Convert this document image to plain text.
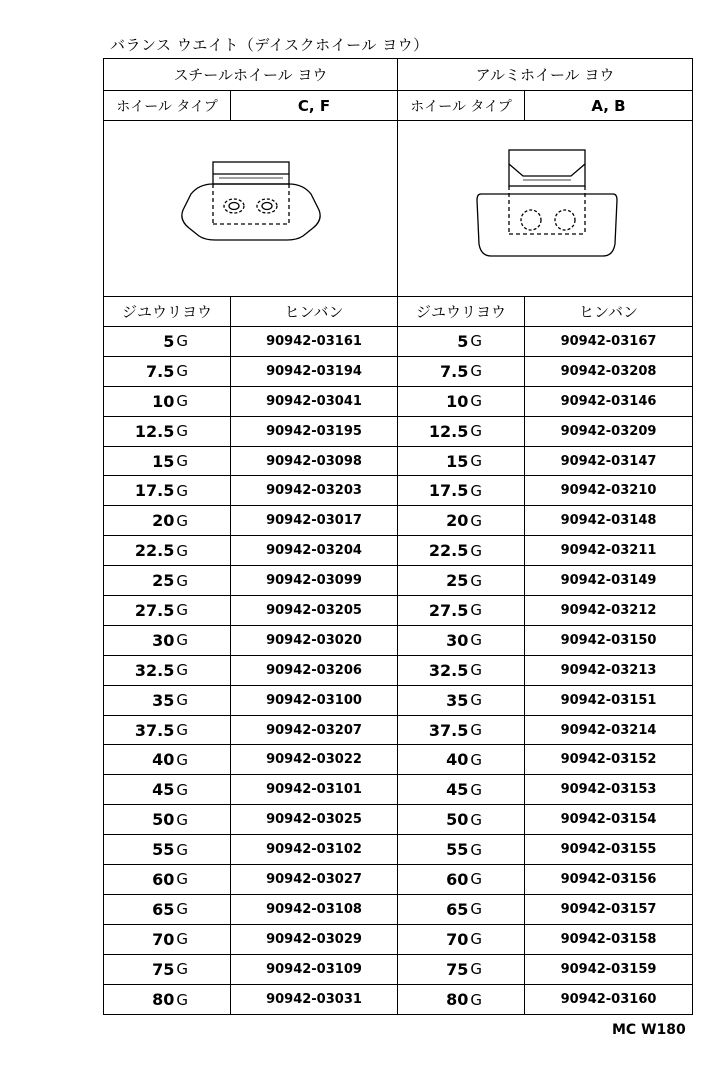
バランス ウエイト（デイスクホイール ヨウ）
スチールホイール ヨウ	アルミホイール ヨウ
ホイール タイプ	C, F	ホイール タイプ	A, B
ジユウリヨウ	ヒンバン	ジユウリヨウ	ヒンバン
5 G	90942-03161	5 G	90942-03167
7.5 G	90942-03194	7.5 G	90942-03208
10 G	90942-03041	10 G	90942-03146
12.5 G	90942-03195	12.5 G	90942-03209
15 G	90942-03098	15 G	90942-03147
17.5 G	90942-03203	17.5 G	90942-03210
20 G	90942-03017	20 G	90942-03148
22.5 G	90942-03204	22.5 G	90942-03211
25 G	90942-03099	25 G	90942-03149
27.5 G	90942-03205	27.5 G	90942-03212
30 G	90942-03020	30 G	90942-03150
32.5 G	90942-03206	32.5 G	90942-03213
35 G	90942-03100	35 G	90942-03151
37.5 G	90942-03207	37.5 G	90942-03214
40 G	90942-03022	40 G	90942-03152
45 G	90942-03101	45 G	90942-03153
50 G	90942-03025	50 G	90942-03154
55 G	90942-03102	55 G	90942-03155
60 G	90942-03027	60 G	90942-03156
65 G	90942-03108	65 G	90942-03157
70 G	90942-03029	70 G	90942-03158
75 G	90942-03109	75 G	90942-03159
80 G	90942-03031	80 G	90942-03160
MC W180
